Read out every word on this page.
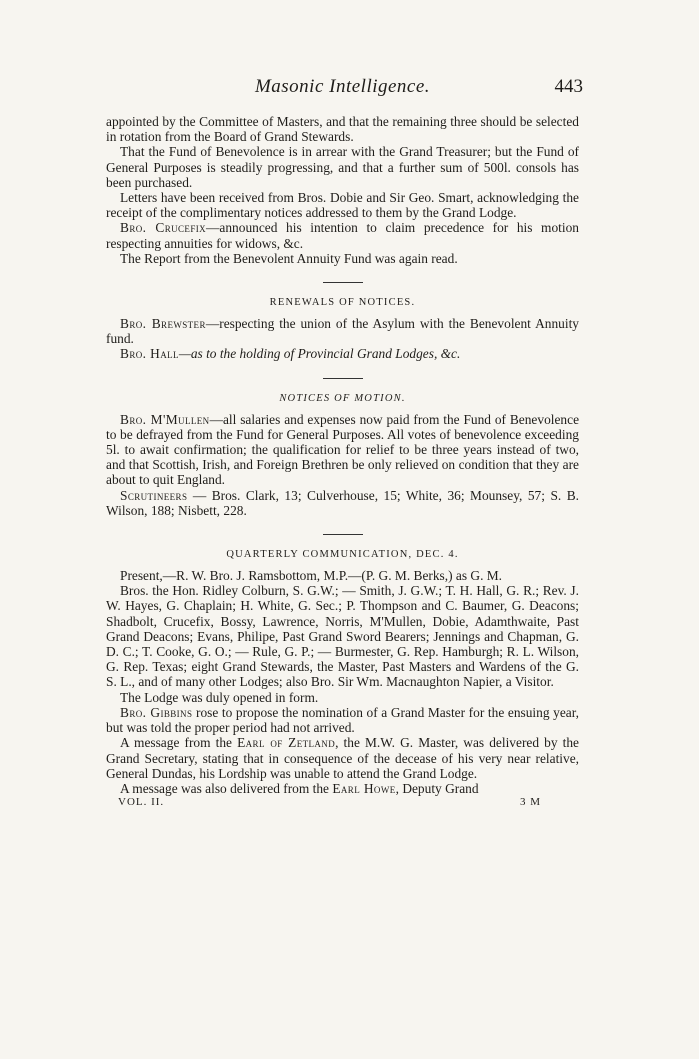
Masonic Intelligence.	443

appointed by the Committee of Masters, and that the remaining three should be selected in rotation from the Board of Grand Stewards.

That the Fund of Benevolence is in arrear with the Grand Treasurer; but the Fund of General Purposes is steadily progressing, and that a further sum of 500l. consols has been purchased.

Letters have been received from Bros. Dobie and Sir Geo. Smart, acknowledging the receipt of the complimentary notices addressed to them by the Grand Lodge.

Bro. Crucefix—announced his intention to claim precedence for his motion respecting annuities for widows, &c.

The Report from the Benevolent Annuity Fund was again read.

RENEWALS OF NOTICES.

Bro. Brewster—respecting the union of the Asylum with the Benevolent Annuity fund.

Bro. Hall—as to the holding of Provincial Grand Lodges, &c.

NOTICES OF MOTION.

Bro. M'Mullen—all salaries and expenses now paid from the Fund of Benevolence to be defrayed from the Fund for General Purposes. All votes of benevolence exceeding 5l. to await confirmation; the qualification for relief to be three years instead of two, and that Scottish, Irish, and Foreign Brethren be only relieved on condition that they are about to quit England.

Scrutineers — Bros. Clark, 13; Culverhouse, 15; White, 36; Mounsey, 57; S. B. Wilson, 188; Nisbett, 228.

QUARTERLY COMMUNICATION, DEC. 4.

Present,—R. W. Bro. J. Ramsbottom, M.P.—(P. G. M. Berks,) as G. M.

Bros. the Hon. Ridley Colburn, S. G.W.; — Smith, J. G.W.; T. H. Hall, G. R.; Rev. J. W. Hayes, G. Chaplain; H. White, G. Sec.; P. Thompson and C. Baumer, G. Deacons; Shadbolt, Crucefix, Bossy, Lawrence, Norris, M'Mullen, Dobie, Adamthwaite, Past Grand Deacons; Evans, Philipe, Past Grand Sword Bearers; Jennings and Chapman, G. D. C.; T. Cooke, G. O.; — Rule, G. P.; — Burmester, G. Rep. Hamburgh; R. L. Wilson, G. Rep. Texas; eight Grand Stewards, the Master, Past Masters and Wardens of the G. S. L., and of many other Lodges; also Bro. Sir Wm. Macnaughton Napier, a Visitor.

The Lodge was duly opened in form.

Bro. Gibbins rose to propose the nomination of a Grand Master for the ensuing year, but was told the proper period had not arrived.

A message from the Earl of Zetland, the M.W. G. Master, was delivered by the Grand Secretary, stating that in consequence of the decease of his very near relative, General Dundas, his Lordship was unable to attend the Grand Lodge.

A message was also delivered from the Earl Howe, Deputy Grand

VOL. II.	3 M
